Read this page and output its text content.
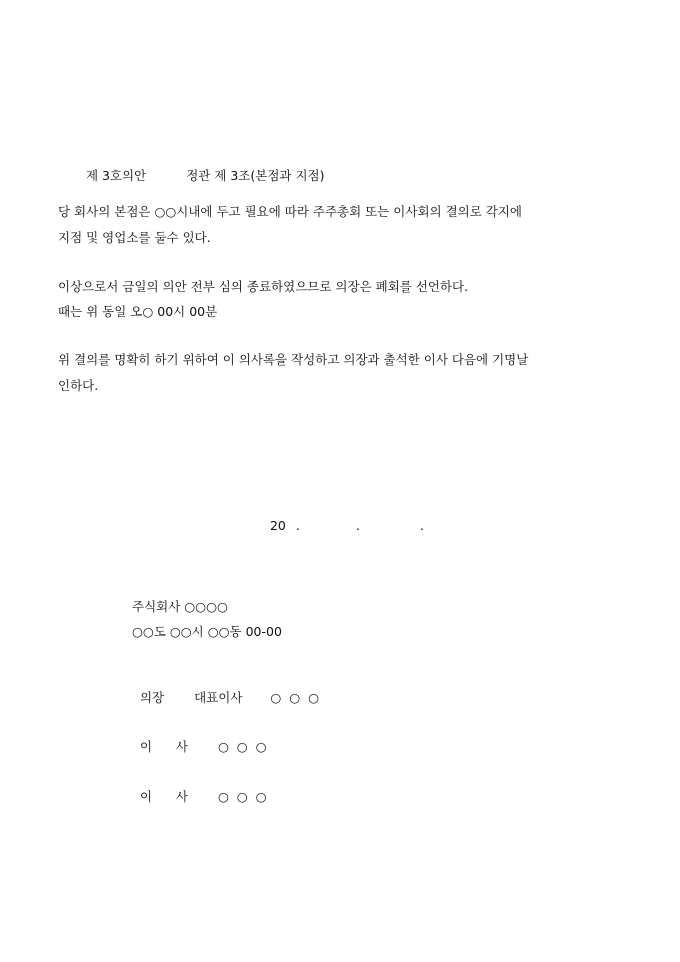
제 3호의안	정관 제 3조(본점과 지점)

당 회사의 본점은 ○○시내에 두고 필요에 따라 주주총회 또는 이사회의 결의로 각지에
지점 및 영업소를 둘수 있다.
이상으로서 금일의 의안 전부 심의 종료하였으므로 의장은 폐회를 선언하다.
때는 위 동일 오○ 00시 00분
위 결의를 명확히 하기 위하여 이 의사록을 작성하고 의장과 출석한 이사 다음에 기명날
인하다.

20 .	.	.

주식회사 ○○○○
○○도 ○○시 ○○동 00-00

의장 대표이사 ○  ○  ○

이      사 ○  ○  ○

이      사 ○  ○  ○
